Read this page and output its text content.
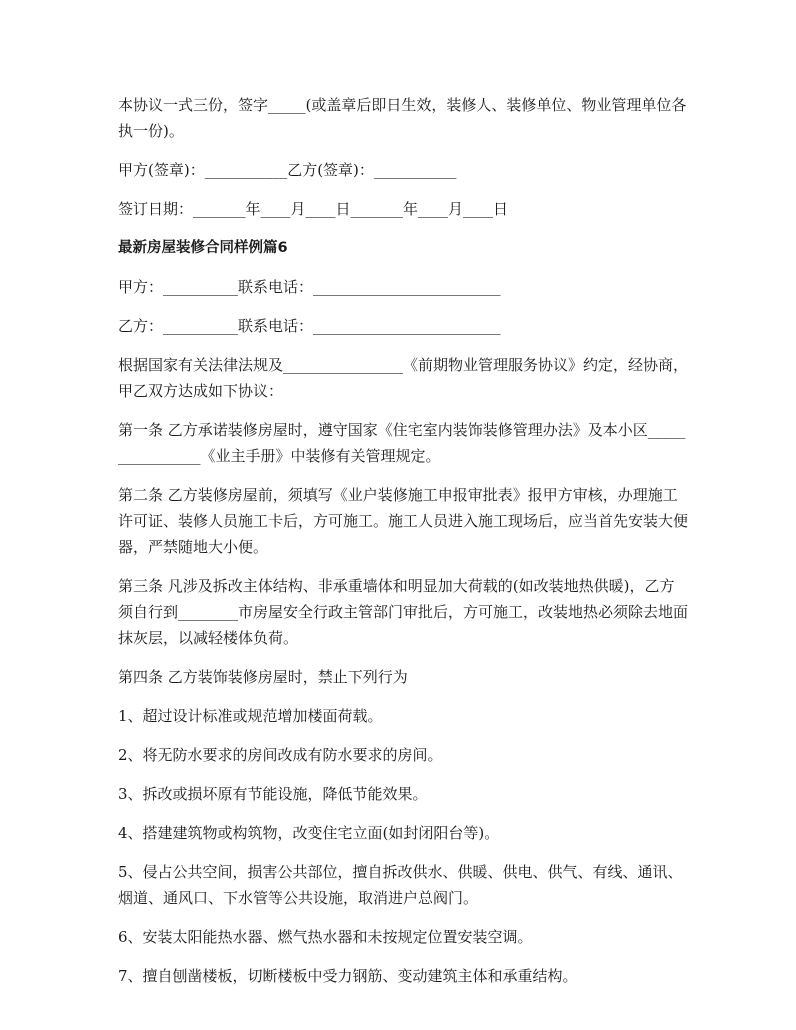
本协议一式三份，签字_____(或盖章后即日生效，装修人、装修单位、物业管理单位各执一份)。

甲方(签章)：___________乙方(签章)：___________

签订日期：_______年____月____日_______年____月____日

最新房屋装修合同样例篇6

甲方：__________联系电话：_________________________

乙方：__________联系电话：_________________________

根据国家有关法律法规及________________《前期物业管理服务协议》约定，经协商，甲乙双方达成如下协议：

第一条 乙方承诺装修房屋时，遵守国家《住宅室内装饰装修管理办法》及本小区________________《业主手册》中装修有关管理规定。

第二条 乙方装修房屋前，须填写《业户装修施工申报审批表》报甲方审核，办理施工许可证、装修人员施工卡后，方可施工。施工人员进入施工现场后，应当首先安装大便器，严禁随地大小便。

第三条 凡涉及拆改主体结构、非承重墙体和明显加大荷载的(如改装地热供暖)，乙方须自行到________市房屋安全行政主管部门审批后，方可施工，改装地热必须除去地面抹灰层，以减轻楼体负荷。

第四条 乙方装饰装修房屋时，禁止下列行为

1、超过设计标准或规范增加楼面荷载。

2、将无防水要求的房间改成有防水要求的房间。

3、拆改或损坏原有节能设施，降低节能效果。

4、搭建建筑物或构筑物，改变住宅立面(如封闭阳台等)。

5、侵占公共空间，损害公共部位，擅自拆改供水、供暖、供电、供气、有线、通讯、烟道、通风口、下水管等公共设施，取消进户总阀门。

6、安装太阳能热水器、燃气热水器和未按规定位置安装空调。

7、擅自刨凿楼板，切断楼板中受力钢筋、变动建筑主体和承重结构。
